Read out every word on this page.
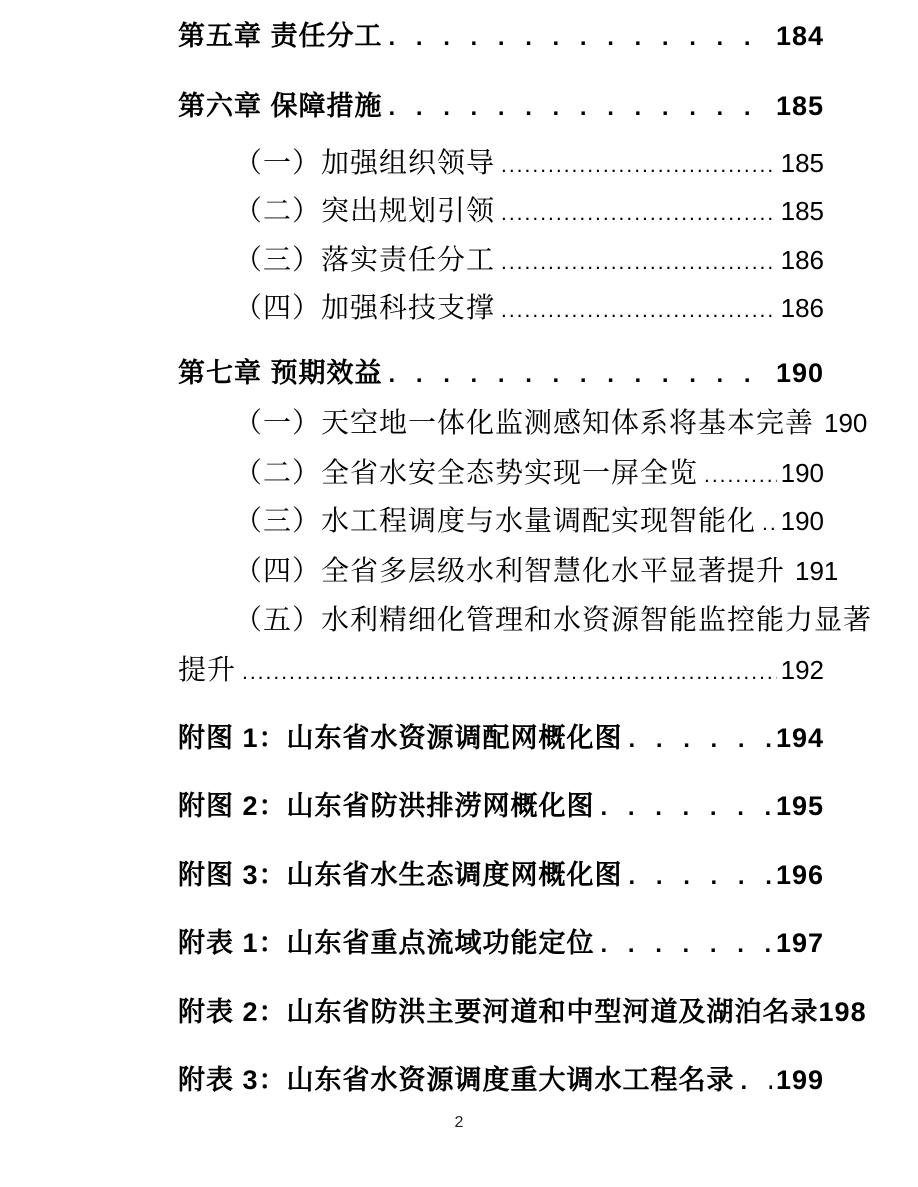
第五章 责任分工 . . .	184
第六章 保障措施 . . .	185
（一）加强组织领导 .....	185
（二）突出规划引领 .....	185
（三）落实责任分工 .....	186
（四）加强科技支撑 .....	186
第七章 预期效益 . . .	190
（一）天空地一体化监测感知体系将基本完善 190
（二）全省水安全态势实现一屏全览 .....	190
（三）水工程调度与水量调配实现智能化 ..... 190
（四）全省多层级水利智慧化水平显著提升 191
（五）水利精细化管理和水资源智能监控能力显著
提升 .....	192
附图 1：山东省水资源调配网概化图 . . .	194
附图 2：山东省防洪排涝网概化图 . . .	195
附图 3：山东省水生态调度网概化图 . . .	196
附表 1：山东省重点流域功能定位 . . .	197
附表 2：山东省防洪主要河道和中型河道及湖泊名录 198
附表 3：山东省水资源调度重大调水工程名录 . . . 199
2
